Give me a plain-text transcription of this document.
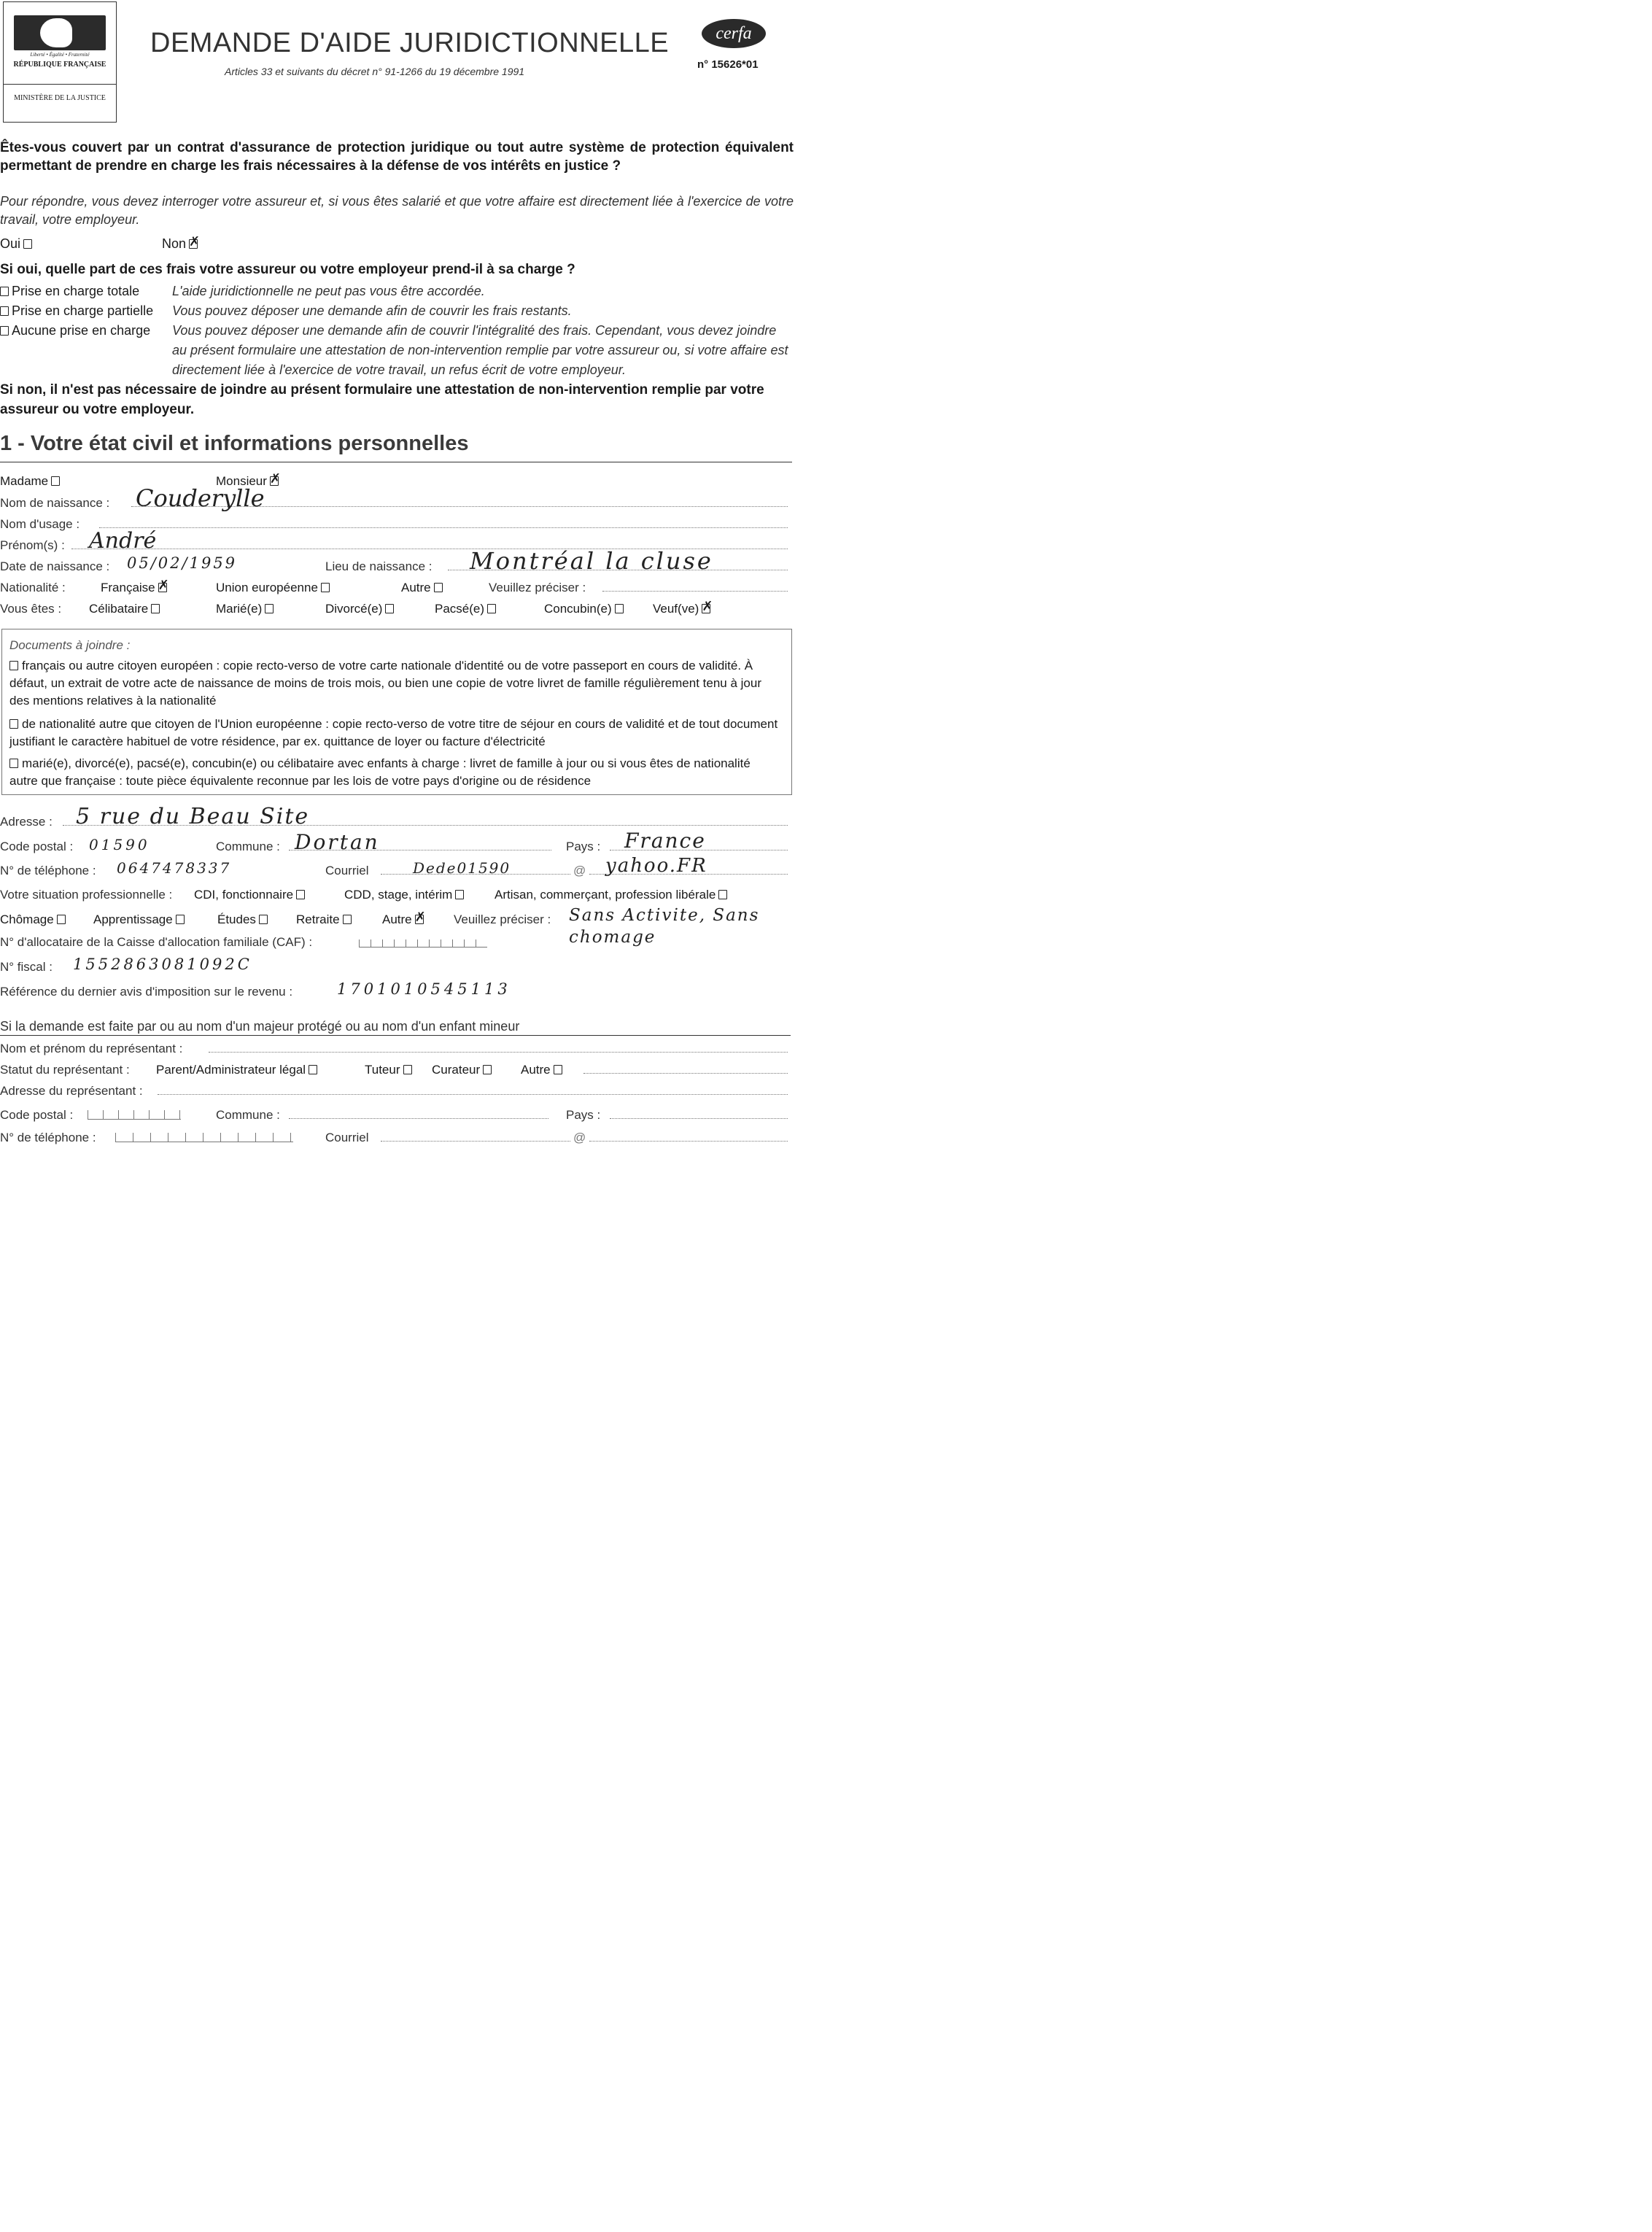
Liberté • Égalité • Fraternité
RÉPUBLIQUE FRANÇAISE
MINISTÈRE DE LA JUSTICE
DEMANDE D'AIDE JURIDICTIONNELLE
Articles 33 et suivants du décret n° 91-1266 du 19 décembre 1991
cerfa
n° 15626*01
Êtes-vous couvert par un contrat d'assurance de protection juridique ou tout autre système de protection équivalent permettant de prendre en charge les frais nécessaires à la défense de vos intérêts en justice ?
Pour répondre, vous devez interroger votre assureur et, si vous êtes salarié et que votre affaire est directement liée à l'exercice de votre travail, votre employeur.
Oui	Non✗
Si oui, quelle part de ces frais votre assureur ou votre employeur prend-il à sa charge ?
Prise en charge totale	L'aide juridictionnelle ne peut pas vous être accordée.
Prise en charge partielle	Vous pouvez déposer une demande afin de couvrir les frais restants.
Aucune prise en charge	Vous pouvez déposer une demande afin de couvrir l'intégralité des frais. Cependant, vous devez joindre au présent formulaire une attestation de non-intervention remplie par votre assureur ou, si votre affaire est directement liée à l'exercice de votre travail, un refus écrit de votre employeur.
Si non, il n'est pas nécessaire de joindre au présent formulaire une attestation de non-intervention remplie par votre assureur ou votre employeur.
1 - Votre état civil et informations personnelles
Madame	Monsieur✗
Nom de naissance : Couderylle
Nom d'usage :
Prénom(s) : André
Date de naissance : 05/02/1959	Lieu de naissance : Montréal la cluse
Nationalité :	Française ✗	Union européenne	Autre	Veuillez préciser :
Vous êtes : Célibataire	Marié(e)	Divorcé(e)	Pacsé(e)	Concubin(e)	Veuf(ve)✗
Documents à joindre :
français ou autre citoyen européen : copie recto-verso de votre carte nationale d'identité ou de votre passeport en cours de validité. À défaut, un extrait de votre acte de naissance de moins de trois mois, ou bien une copie de votre livret de famille régulièrement tenu à jour des mentions relatives à la nationalité
de nationalité autre que citoyen de l'Union européenne : copie recto-verso de votre titre de séjour en cours de validité et de tout document justifiant le caractère habituel de votre résidence, par ex. quittance de loyer ou facture d'électricité
marié(e), divorcé(e), pacsé(e), concubin(e) ou célibataire avec enfants à charge : livret de famille à jour ou si vous êtes de nationalité autre que française : toute pièce équivalente reconnue par les lois de votre pays d'origine ou de résidence
Adresse : 5 rue du Beau Site
Code postal : 01590	Commune : Dortan	Pays : France
N° de téléphone : 0647478337	Courriel	Dede01590	@ yahoo.FR
Votre situation professionnelle : CDI, fonctionnaire	CDD, stage, intérim	Artisan, commerçant, profession libérale
Chômage	Apprentissage	Études	Retraite	Autre ✗	Veuillez préciser : Sans Activite, Sans chomage
N° d'allocataire de la Caisse d'allocation familiale (CAF) :
N° fiscal : 1552863081092C
Référence du dernier avis d'imposition sur le revenu :	1701010545113
Si la demande est faite par ou au nom d'un majeur protégé ou au nom d'un enfant mineur
Nom et prénom du représentant :
Statut du représentant : Parent/Administrateur légal	Tuteur	Curateur	Autre
Adresse du représentant :
Code postal :	Commune :	Pays :
N° de téléphone :	Courriel	@
